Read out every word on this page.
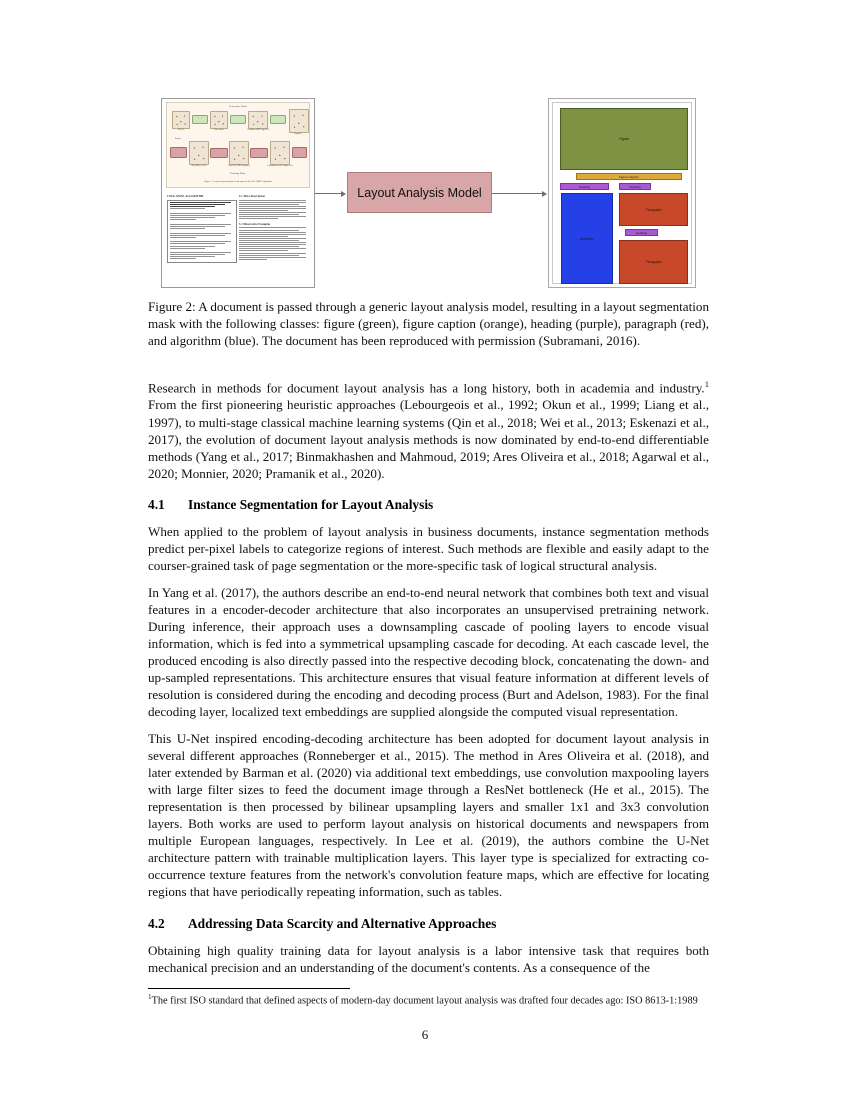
Generative Phase
PAG D	PAG object	G-stable GMN edges EP
Graph G
Source
Suc (BN) s, PAG	Each EP, GMN operated	Candidate for the Graph of G
Training Phase
Figure 1: A visual representation of the steps of the PAG-GMNC algorithm
3 PAG-GMNC ALGORITHM	3.1 Meta Description
3.2 Illustrative Examples
Layout Analysis Model
Figure
Figure Caption
Heading	Heading
Paragraph
Heading
Paragraph
Algorithm
Figure 2: A document is passed through a generic layout analysis model, resulting in a layout segmentation mask with the following classes: figure (green), figure caption (orange), heading (purple), paragraph (red), and algorithm (blue). The document has been reproduced with permission (Subramani, 2016).

Research in methods for document layout analysis has a long history, both in academia and industry.$^1$ From the first pioneering heuristic approaches (Lebourgeois et al., 1992; Okun et al., 1999; Liang et al., 1997), to multi-stage classical machine learning systems (Qin et al., 2018; Wei et al., 2013; Eskenazi et al., 2017), the evolution of document layout analysis methods is now dominated by end-to-end differentiable methods (Yang et al., 2017; Binmakhashen and Mahmoud, 2019; Ares Oliveira et al., 2018; Agarwal et al., 2020; Monnier, 2020; Pramanik et al., 2020).

4.1 Instance Segmentation for Layout Analysis

When applied to the problem of layout analysis in business documents, instance segmentation methods predict per-pixel labels to categorize regions of interest. Such methods are flexible and easily adapt to the courser-grained task of page segmentation or the more-specific task of logical structural analysis.

In Yang et al. (2017), the authors describe an end-to-end neural network that combines both text and visual features in a encoder-decoder architecture that also incorporates an unsupervised pretraining network. During inference, their approach uses a downsampling cascade of pooling layers to encode visual information, which is fed into a symmetrical upsampling cascade for decoding. At each cascade level, the produced encoding is also directly passed into the respective decoding block, concatenating the down- and up-sampled representations. This architecture ensures that visual feature information at different levels of resolution is considered during the encoding and decoding process (Burt and Adelson, 1983). For the final decoding layer, localized text embeddings are supplied alongside the computed visual representation.

This U-Net inspired encoding-decoding architecture has been adopted for document layout analysis in several different approaches (Ronneberger et al., 2015). The method in Ares Oliveira et al. (2018), and later extended by Barman et al. (2020) via additional text embeddings, use convolution maxpooling layers with large filter sizes to feed the document image through a ResNet bottleneck (He et al., 2015). The representation is then processed by bilinear upsampling layers and smaller 1x1 and 3x3 convolution layers. Both works are used to perform layout analysis on historical documents and newspapers from multiple European languages, respectively. In Lee et al. (2019), the authors combine the U-Net architecture pattern with trainable multiplication layers. This layer type is specialized for extracting co-occurrence texture features from the network's convolution feature maps, which are effective for locating regions that have periodically repeating information, such as tables.

4.2 Addressing Data Scarcity and Alternative Approaches

Obtaining high quality training data for layout analysis is a labor intensive task that requires both mechanical precision and an understanding of the document's contents. As a consequence of the

$^1$The first ISO standard that defined aspects of modern-day document layout analysis was drafted four decades ago: ISO 8613-1:1989
6
